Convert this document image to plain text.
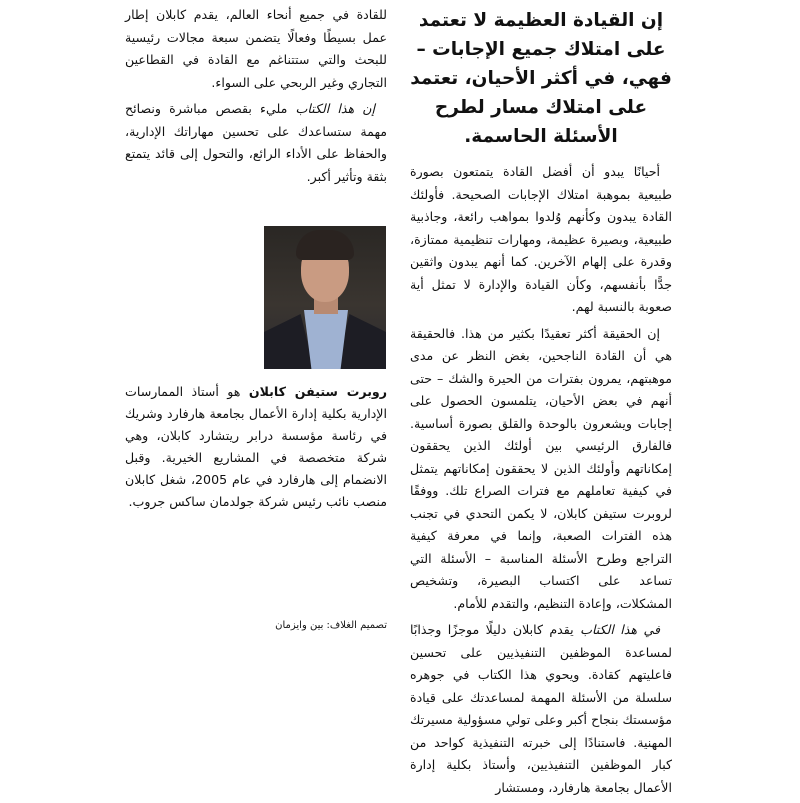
إن القيادة العظيمة لا تعتمد على امتلاك جميع الإجابات – فهي، في أكثر الأحيان، تعتمد على امتلاك مسار لطرح الأسئلة الحاسمة.

أحيانًا يبدو أن أفضل القادة يتمتعون بصورة طبيعية بموهبة امتلاك الإجابات الصحيحة. فأولئك القادة يبدون وكأنهم وُلدوا بمواهب رائعة، وجاذبية طبيعية، وبصيرة عظيمة، ومهارات تنظيمية ممتازة، وقدرة على إلهام الآخرين. كما أنهم يبدون واثقين جدًّا بأنفسهم، وكأن القيادة والإدارة لا تمثل أية صعوبة بالنسبة لهم.

إن الحقيقة أكثر تعقيدًا بكثير من هذا. فالحقيقة هي أن القادة الناجحين، بغض النظر عن مدى موهبتهم، يمرون بفترات من الحيرة والشك – حتى أنهم في بعض الأحيان، يتلمسون الحصول على إجابات ويشعرون بالوحدة والقلق بصورة أساسية. فالفارق الرئيسي بين أولئك الذين يحققون إمكاناتهم وأولئك الذين لا يحققون إمكاناتهم يتمثل في كيفية تعاملهم مع فترات الصراع تلك. ووفقًا لروبرت ستيفن كابلان، لا يكمن التحدي في تجنب هذه الفترات الصعبة، وإنما في معرفة كيفية التراجع وطرح الأسئلة المناسبة – الأسئلة التي تساعد على اكتساب البصيرة، وتشخيص المشكلات، وإعادة التنظيم، والتقدم للأمام.

في هذا الكتاب يقدم كابلان دليلًا موجزًا وجذابًا لمساعدة الموظفين التنفيذيين على تحسين فاعليتهم كقادة. ويحوي هذا الكتاب في جوهره سلسلة من الأسئلة المهمة لمساعدتك على قيادة مؤسستك بنجاح أكبر وعلى تولي مسؤولية مسيرتك المهنية. فاستنادًا إلى خبرته التنفيذية كواحد من كبار الموظفين التنفيذيين، وأستاذ بكلية إدارة الأعمال بجامعة هارفارد، ومستشار

للقادة في جميع أنحاء العالم، يقدم كابلان إطار عمل بسيطًا وفعالًا يتضمن سبعة مجالات رئيسية للبحث والتي ستتناغم مع القادة في القطاعين التجاري وغير الربحي على السواء.

إن هذا الكتاب مليء بقصص مباشرة ونصائح مهمة ستساعدك على تحسين مهاراتك الإدارية، والحفاظ على الأداء الرائع، والتحول إلى قائد يتمتع بثقة وتأثير أكبر.

روبرت ستيفن كابلان هو أستاذ الممارسات الإدارية بكلية إدارة الأعمال بجامعة هارفارد وشريك في رئاسة مؤسسة درابر ريتشارد كابلان، وهي شركة متخصصة في المشاريع الخيرية. وقبل الانضمام إلى هارفارد في عام 2005، شغل كابلان منصب نائب رئيس شركة جولدمان ساكس جروب.

تصميم الغلاف: بين وايزمان
